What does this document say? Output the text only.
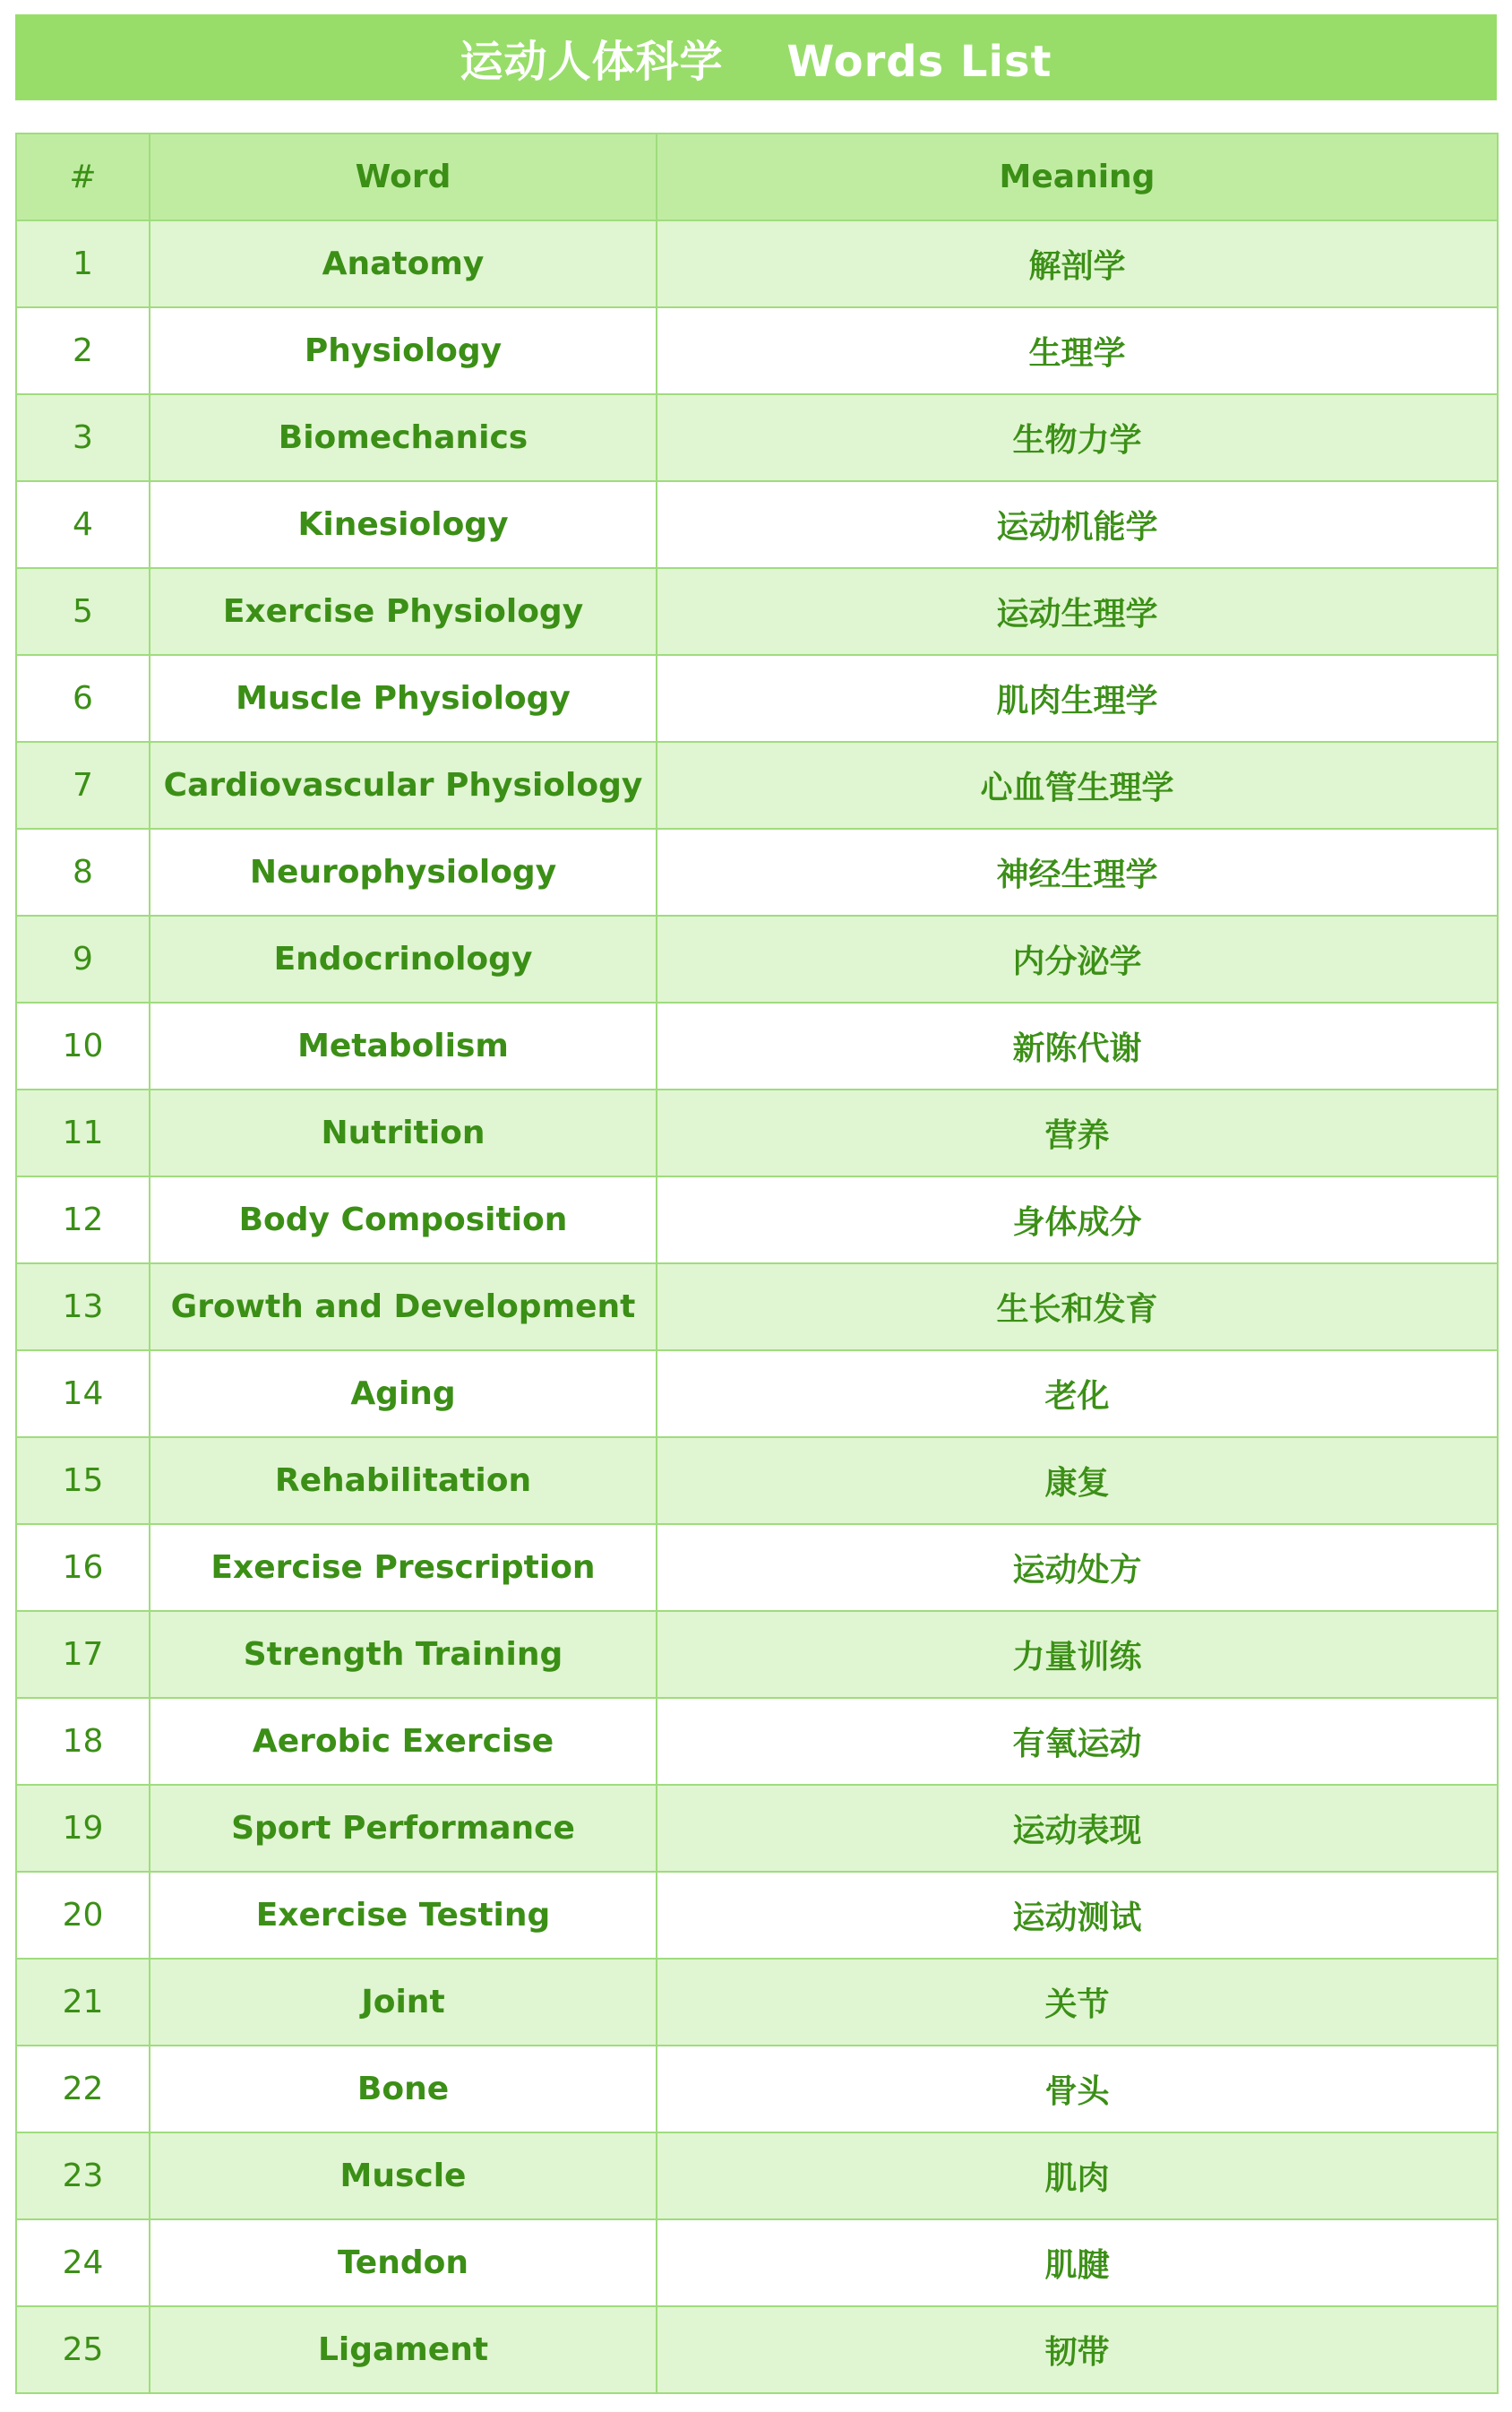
运动人体科学    Words List
#	Word	Meaning
1	Anatomy	解剖学
2	Physiology	生理学
3	Biomechanics	生物力学
4	Kinesiology	运动机能学
5	Exercise Physiology	运动生理学
6	Muscle Physiology	肌肉生理学
7	Cardiovascular Physiology	心血管生理学
8	Neurophysiology	神经生理学
9	Endocrinology	内分泌学
10	Metabolism	新陈代谢
11	Nutrition	营养
12	Body Composition	身体成分
13	Growth and Development	生长和发育
14	Aging	老化
15	Rehabilitation	康复
16	Exercise Prescription	运动处方
17	Strength Training	力量训练
18	Aerobic Exercise	有氧运动
19	Sport Performance	运动表现
20	Exercise Testing	运动测试
21	Joint	关节
22	Bone	骨头
23	Muscle	肌肉
24	Tendon	肌腱
25	Ligament	韧带
